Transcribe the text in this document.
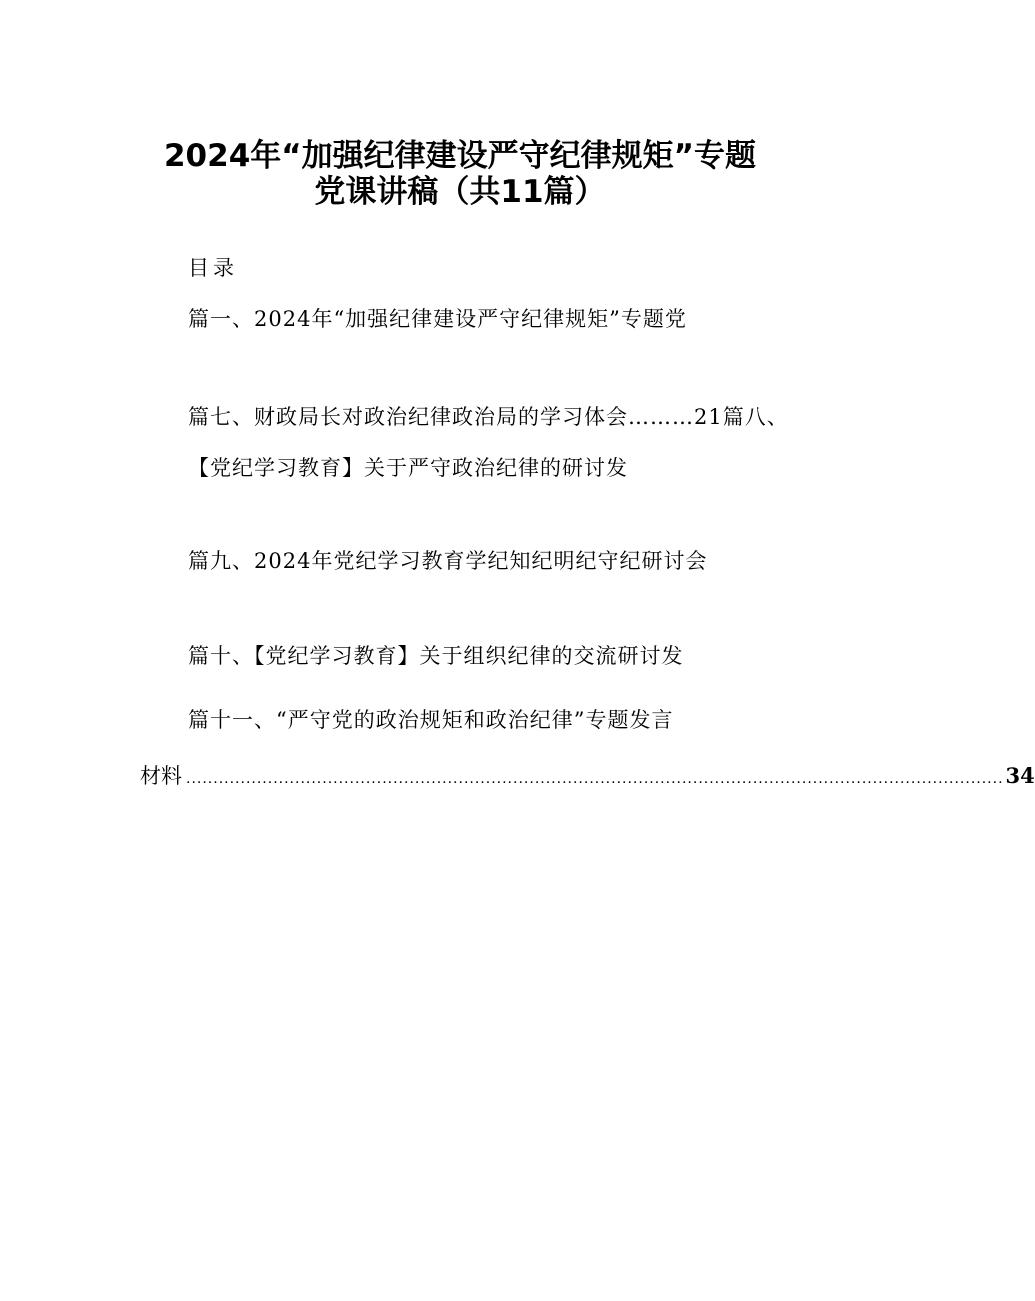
2024年“加强纪律建设严守纪律规矩”专题
党课讲稿（共11篇）
目录
篇一、2024年“加强纪律建设严守纪律规矩”专题党
篇七、财政局长对政治纪律政治局的学习体会………21篇八、
【党纪学习教育】关于严守政治纪律的研讨发
篇九、2024年党纪学习教育学纪知纪明纪守纪研讨会
篇十、【党纪学习教育】关于组织纪律的交流研讨发
篇十一、“严守党的政治规矩和政治纪律”专题发言
材料 ...................................................................................................................................................... 34
